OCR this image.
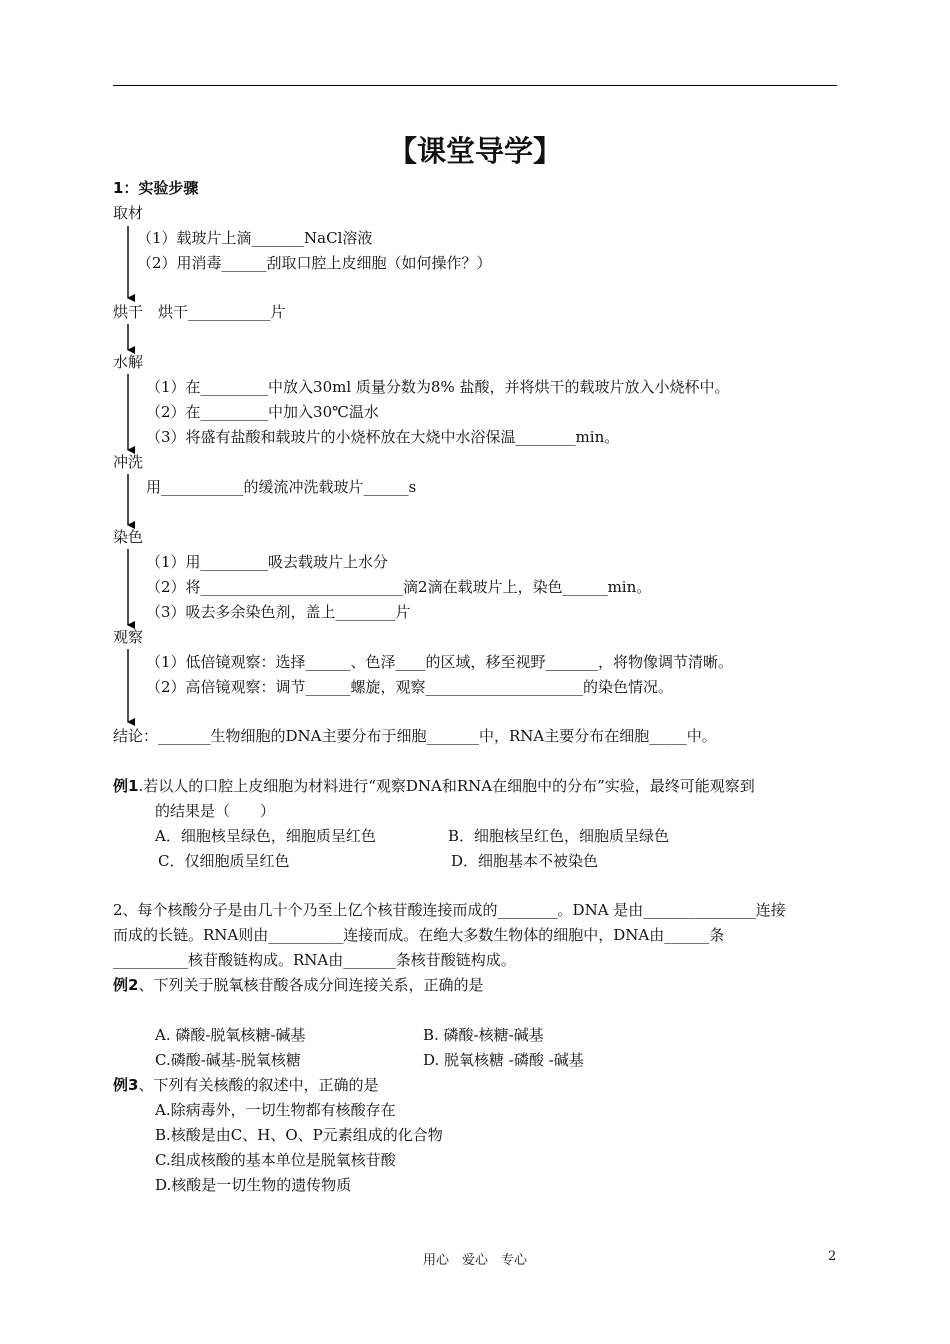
【课堂导学】
1：实验步骤
取材
（1）载玻片上滴_______NaCl溶液
（2）用消毒______刮取口腔上皮细胞（如何操作？）
烘干　烘干___________片
水解
（1）在_________中放入30ml 质量分数为8% 盐酸，并将烘干的载玻片放入小烧杯中。
（2）在_________中加入30℃温水
（3）将盛有盐酸和载玻片的小烧杯放在大烧中水浴保温________min。
冲洗
用___________的缓流冲洗载玻片______s
染色
（1）用_________吸去载玻片上水分
（2）将___________________________滴2滴在载玻片上，染色______min。
（3）吸去多余染色剂，盖上________片
观察
（1）低倍镜观察：选择______、色泽____的区域，移至视野_______，将物像调节清晰。
（2）高倍镜观察：调节______螺旋，观察_____________________的染色情况。
结论：_______生物细胞的DNA主要分布于细胞_______中，RNA主要分布在细胞_____中。
例1.若以人的口腔上皮细胞为材料进行“观察DNA和RNA在细胞中的分布”实验，最终可能观察到
的结果是（　　）
A．细胞核呈绿色，细胞质呈红色	B．细胞核呈红色，细胞质呈绿色
C．仅细胞质呈红色	D．细胞基本不被染色
2、每个核酸分子是由几十个乃至上亿个核苷酸连接而成的________。DNA 是由_______________连接
而成的长链。RNA则由__________连接而成。在绝大多数生物体的细胞中，DNA由______条
__________核苷酸链构成。RNA由_______条核苷酸链构成。
例2、下列关于脱氧核苷酸各成分间连接关系，正确的是
A. 磷酸-脱氧核糖-碱基	B. 磷酸-核糖-碱基
C.磷酸-碱基-脱氧核糖	D. 脱氧核糖 -磷酸 -碱基
例3、下列有关核酸的叙述中，正确的是
A.除病毒外，一切生物都有核酸存在
B.核酸是由C、H、O、P元素组成的化合物
C.组成核酸的基本单位是脱氧核苷酸
D.核酸是一切生物的遗传物质
用心　爱心　专心	2
